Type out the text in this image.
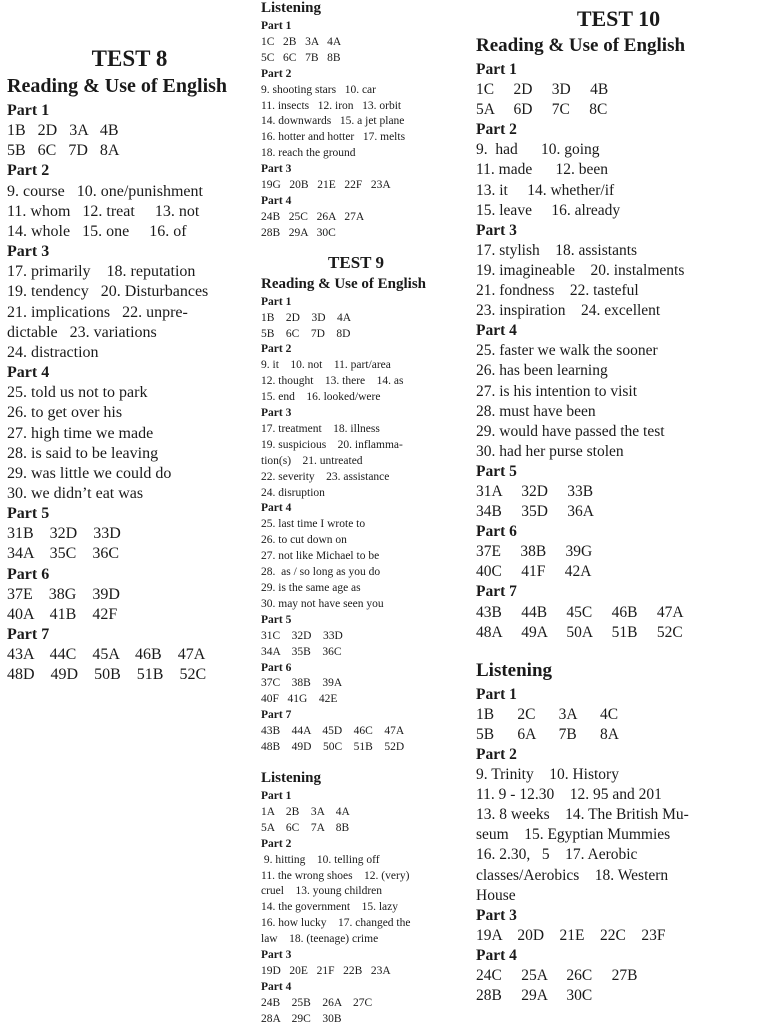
TEST 8
Reading & Use of English
Part 1
1B   2D   3A   4B
5B   6C   7D   8A
Part 2
9. course   10. one/punishment
11. whom   12. treat     13. not
14. whole   15. one     16. of
Part 3
17. primarily    18. reputation
19. tendency   20. Disturbances
21. implications   22. unpre-
dictable   23. variations
24. distraction
Part 4
25. told us not to park
26. to get over his
27. high time we made
28. is said to be leaving
29. was little we could do
30. we didn’t eat was
Part 5
31B    32D    33D
34A    35C    36C
Part 6
37E    38G    39D
40A    41B    42F
Part 7
43A    44C    45A    46B    47A
48D    49D    50B    51B    52C
Listening
Part 1
1C   2B   3A   4A
5C   6C   7B   8B
Part 2
9. shooting stars   10. car
11. insects   12. iron   13. orbit
14. downwards   15. a jet plane
16. hotter and hotter   17. melts
18. reach the ground
Part 3
19G   20B   21E   22F   23A
Part 4
24B   25C   26A   27A
28B   29A   30C
TEST 9
Reading & Use of English
Part 1
1B    2D    3D    4A
5B    6C    7D    8D
Part 2
9. it    10. not    11. part/area
12. thought    13. there    14. as
15. end    16. looked/were
Part 3
17. treatment    18. illness
19. suspicious    20. inflamma-
tion(s)    21. untreated
22. severity    23. assistance
24. disruption
Part 4
25. last time I wrote to
26. to cut down on
27. not like Michael to be
28.  as / so long as you do
29. is the same age as
30. may not have seen you
Part 5
31C    32D    33D
34A    35B    36C
Part 6
37C    38B    39A
40F   41G    42E
Part 7
43B    44A    45D    46C    47A
48B    49D    50C    51B    52D
Listening
Part 1
1A    2B    3A    4A
5A    6C    7A    8B
Part 2
9. hitting    10. telling off
11. the wrong shoes    12. (very)
cruel    13. young children
14. the government    15. lazy
16. how lucky    17. changed the
law    18. (teenage) crime
Part 3
19D   20E   21F   22B   23A
Part 4
24B    25B    26A    27C
28A    29C    30B
TEST 10
Reading & Use of English
Part 1
1C     2D     3D     4B
5A     6D     7C     8C
Part 2
9.  had      10. going
11. made      12. been
13. it     14. whether/if
15. leave     16. already
Part 3
17. stylish    18. assistants
19. imagineable    20. instalments
21. fondness    22. tasteful
23. inspiration    24. excellent
Part 4
25. faster we walk the sooner
26. has been learning
27. is his intention to visit
28. must have been
29. would have passed the test
30. had her purse stolen
Part 5
31A     32D     33B
34B     35D     36A
Part 6
37E     38B     39G
40C     41F     42A
Part 7
43B     44B     45C     46B     47A
48A     49A     50A     51B     52C
Listening
Part 1
1B      2C      3A      4C
5B      6A      7B      8A
Part 2
9. Trinity    10. History
11. 9 - 12.30    12. 95 and 201
13. 8 weeks    14. The British Mu-
seum    15. Egyptian Mummies
16. 2.30,   5    17. Aerobic
classes/Aerobics    18. Western
House
Part 3
19A    20D    21E    22C    23F
Part 4
24C     25A     26C     27B
28B     29A     30C
